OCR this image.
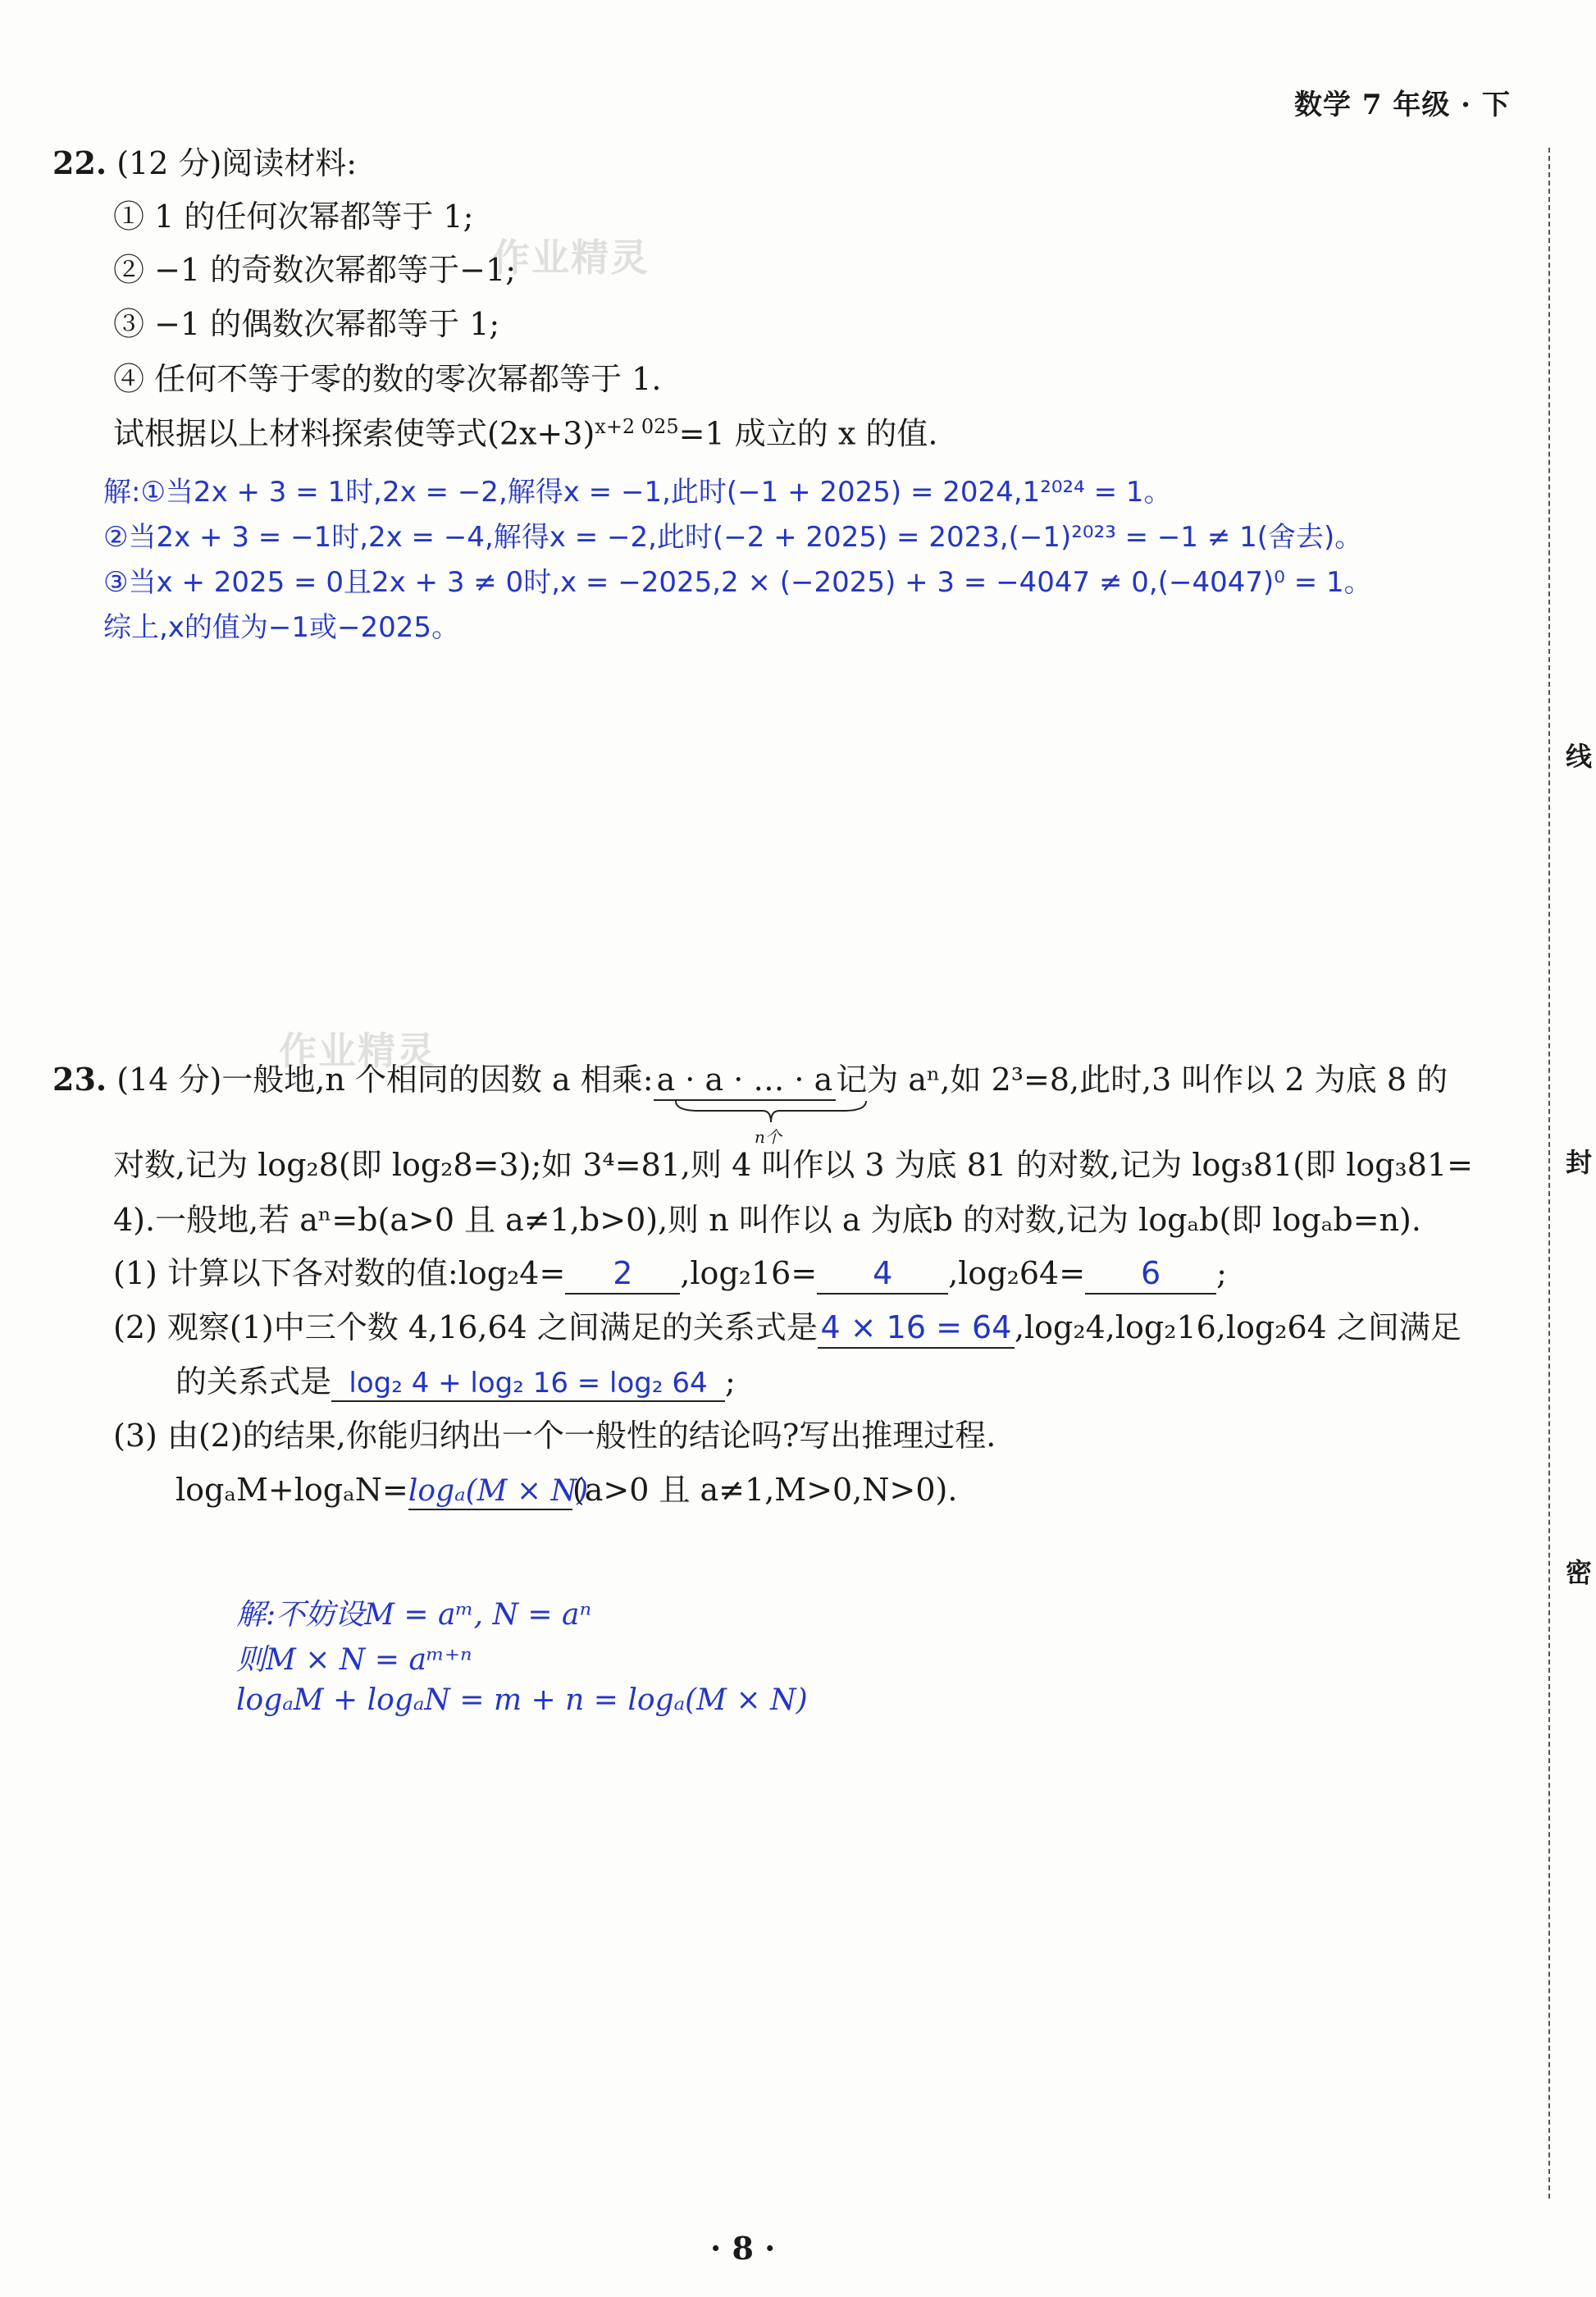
数学 7 年级 · 下
线
封
密
作业精灵
作业精灵
22. (12 分)阅读材料:
① 1 的任何次幂都等于 1;
② −1 的奇数次幂都等于−1;
③ −1 的偶数次幂都等于 1;
④ 任何不等于零的数的零次幂都等于 1.
试根据以上材料探索使等式$(2x+3)^{x+2 025}=1$ 成立的 x 的值.
解:①当2x + 3 = 1时,2x = −2,解得x = −1,此时(−1 + 2025) = 2024,1²⁰²⁴ = 1。
②当2x + 3 = −1时,2x = −4,解得x = −2,此时(−2 + 2025) = 2023,(−1)²⁰²³ = −1 ≠ 1(舍去)。
③当x + 2025 = 0且2x + 3 ≠ 0时,x = −2025,2 × (−2025) + 3 = −4047 ≠ 0,(−4047)⁰ = 1。
综上,x的值为−1或−2025。
23. (14 分)一般地,n 个相同的因数 a 相乘: a · a · … · a 记为 aⁿ,如 2³=8,此时,3 叫作以 2 为底 8 的
n个
对数,记为 log₂8(即 log₂8=3);如 3⁴=81,则 4 叫作以 3 为底 81 的对数,记为 log₃81(即 log₃81=
4).一般地,若 aⁿ=b(a>0 且 a≠1,b>0),则 n 叫作以 a 为底b 的对数,记为 logₐb(即 logₐb=n).
(1) 计算以下各对数的值:log₂4= 2 ,log₂16= 4 ,log₂64= 6 ;
(2) 观察(1)中三个数 4,16,64 之间满足的关系式是4 × 16 = 64,log₂4,log₂16,log₂64 之间满足
的关系式是 log₂ 4 + log₂ 16 = log₂ 64 ;
(3) 由(2)的结果,你能归纳出一个一般性的结论吗?写出推理过程.
logₐM+logₐN=logₐ(M × N)(a>0 且 a≠1,M>0,N>0).
解:不妨设M = aᵐ, N = aⁿ
则M × N = aᵐ⁺ⁿ
logₐM + logₐN = m + n = logₐ(M × N)
· 8 ·
